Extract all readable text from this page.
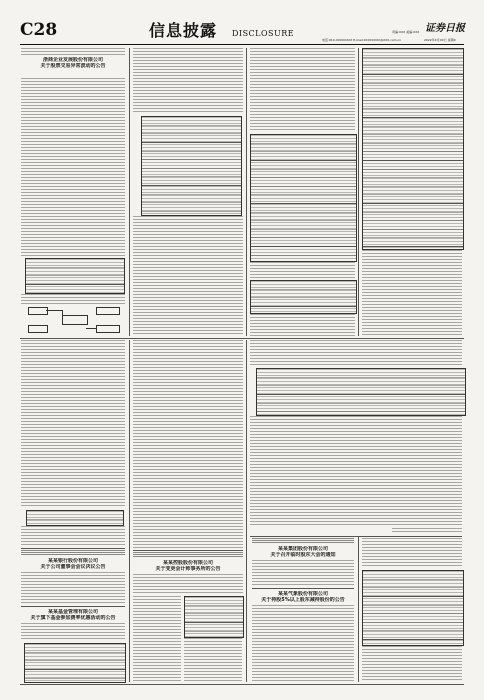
C28	信息披露 DISCLOSURE	责编:XXX 美编:XXX
电话:010-XXXXXXXX E-mail:XXXXXXXX@XXX.com.cn
证券日报
2022年X月XX日 星期X
浙商企业发展股份有限公司
关于股票交易异常波动的公告
某某银行股份有限公司
关于公司董事会会议决议公告
某某基金管理有限公司
关于旗下基金参加费率优惠活动的公告
某某控股股份有限公司
关于变更会计师事务所的公告
某某集团股份有限公司
关于召开临时股东大会的通知
某某气象股份有限公司
关于持股5%以上股东减持股份的公告
